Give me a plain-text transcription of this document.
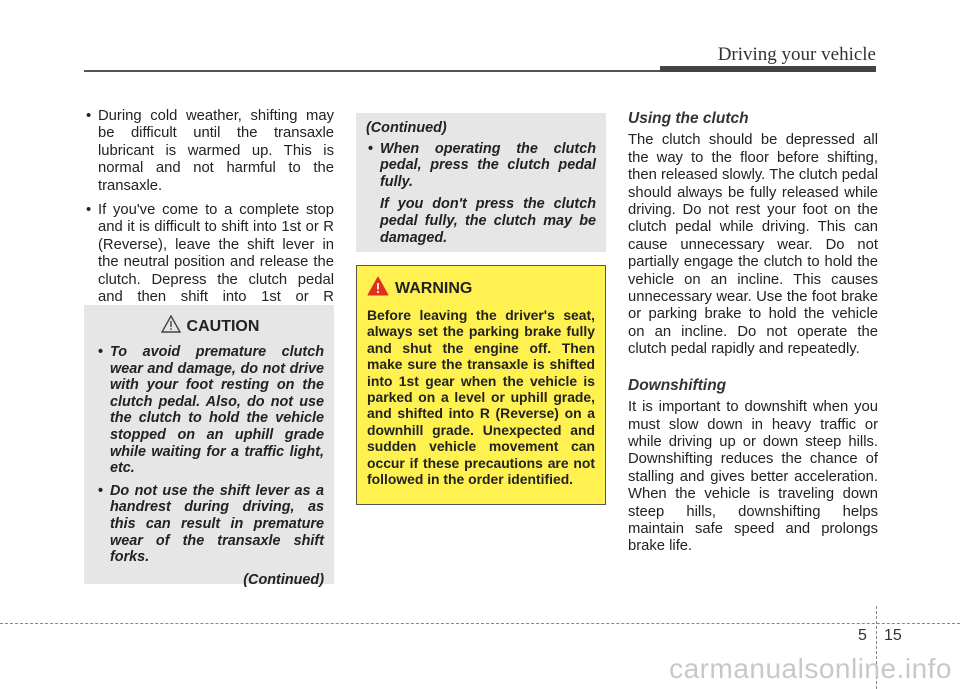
Driving your vehicle
• During cold weather, shifting may be difficult until the transaxle lubricant is warmed up. This is normal and not harmful to the transaxle.
• If you've come to a complete stop and it is difficult to shift into 1st or R (Reverse), leave the shift lever in the neutral position and release the clutch. Depress the clutch pedal and then shift into 1st or R
CAUTION
• To avoid premature clutch wear and damage, do not drive with your foot resting on the clutch pedal. Also, do not use the clutch to hold the vehicle stopped on an uphill grade while waiting for a traffic light, etc.
• Do not use the shift lever as a handrest during driving, as this can result in premature wear of the transaxle shift forks.
(Continued)
(Continued)
• When operating the clutch pedal, press the clutch pedal fully.
If you don't press the clutch pedal fully, the clutch may be damaged.
WARNING
Before leaving the driver's seat, always set the parking brake fully and shut the engine off. Then make sure the transaxle is shifted into 1st gear when the vehicle is parked on a level or uphill grade, and shifted into R (Reverse) on a downhill grade. Unexpected and sudden vehicle movement can occur if these precautions are not followed in the order identified.
Using the clutch

The clutch should be depressed all the way to the floor before shifting, then released slowly. The clutch pedal should always be fully released while driving. Do not rest your foot on the clutch pedal while driving. This can cause unnecessary wear. Do not partially engage the clutch to hold the vehicle on an incline. This causes unnecessary wear. Use the foot brake or parking brake to hold the vehicle on an incline. Do not operate the clutch pedal rapidly and repeatedly.

Downshifting

It is important to downshift when you must slow down in heavy traffic or while driving up or down steep hills. Downshifting reduces the chance of stalling and gives better acceleration. When the vehicle is traveling down steep hills, downshifting helps maintain safe speed and prolongs brake life.

5 15
carmanualsonline.info
